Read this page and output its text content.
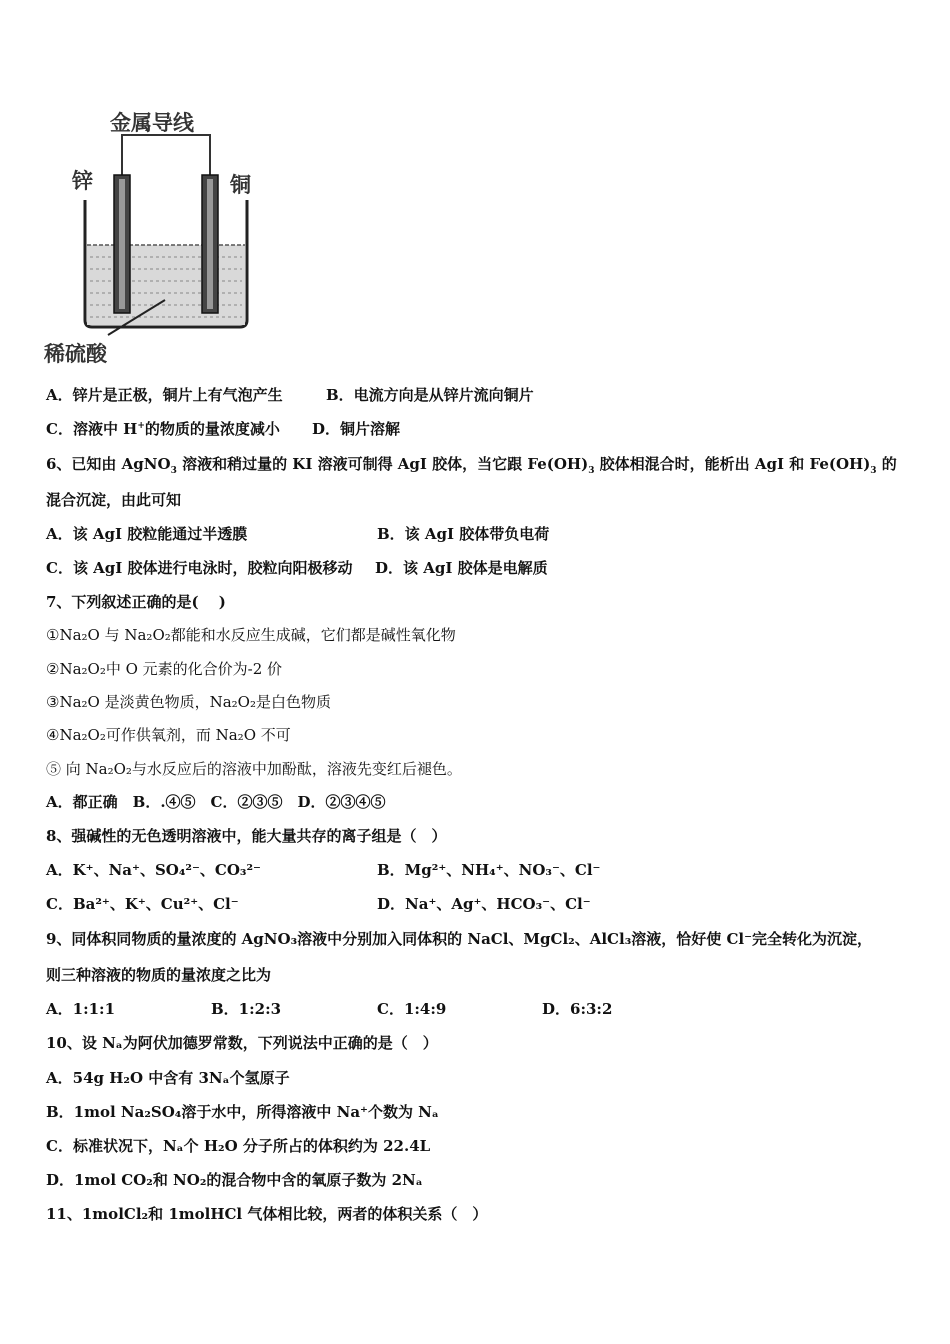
金属导线
锌	铜
稀硫酸
A．锌片是正极，铜片上有气泡产生	B．电流方向是从锌片流向铜片
C．溶液中 H+的物质的量浓度减小 D．铜片溶解
6、已知由 AgNO$_3$ 溶液和稍过量的 KI 溶液可制得 AgI 胶体，当它跟 $Fe(OH)_3$ 胶体相混合时，能析出 AgI 和 $Fe(OH)_3$ 的
混合沉淀，由此可知
A．该 AgI 胶粒能通过半透膜	B．该 AgI 胶体带负电荷
C．该 AgI 胶体进行电泳时，胶粒向阳极移动 D．该 AgI 胶体是电解质
7、下列叙述正确的是(　 )
①Na₂O 与 Na₂O₂都能和水反应生成碱，它们都是碱性氧化物
②Na₂O₂中 O 元素的化合价为-2 价
③Na₂O 是淡黄色物质，Na₂O₂是白色物质
④Na₂O₂可作供氧剂，而 Na₂O 不可
⑤ 向 Na₂O₂与水反应后的溶液中加酚酞，溶液先变红后褪色。
A．都正确　B．.④⑤　C．②③⑤　D．②③④⑤
8、强碱性的无色透明溶液中，能大量共存的离子组是（　）
A．K⁺、Na⁺、SO₄²⁻、CO₃²⁻	B．Mg²⁺、NH₄⁺、NO₃⁻、Cl⁻
C．Ba²⁺、K⁺、Cu²⁺、Cl⁻	D．Na⁺、Ag⁺、HCO₃⁻、Cl⁻
9、同体积同物质的量浓度的 AgNO₃溶液中分别加入同体积的 NaCl、MgCl₂、AlCl₃溶液，恰好使 Cl⁻完全转化为沉淀，
则三种溶液的物质的量浓度之比为
A．1:1:1	B．1:2:3	C．1:4:9	D．6:3:2
10、设 Nₐ为阿伏加德罗常数，下列说法中正确的是（　）
A．54g H₂O 中含有 3Nₐ个氢原子
B．1mol Na₂SO₄溶于水中，所得溶液中 Na⁺个数为 Nₐ
C．标准状况下，Nₐ个 H₂O 分子所占的体积约为 22.4L
D．1mol CO₂和 NO₂的混合物中含的氧原子数为 2Nₐ
11、1molCl₂和 1molHCl 气体相比较，两者的体积关系（　）
